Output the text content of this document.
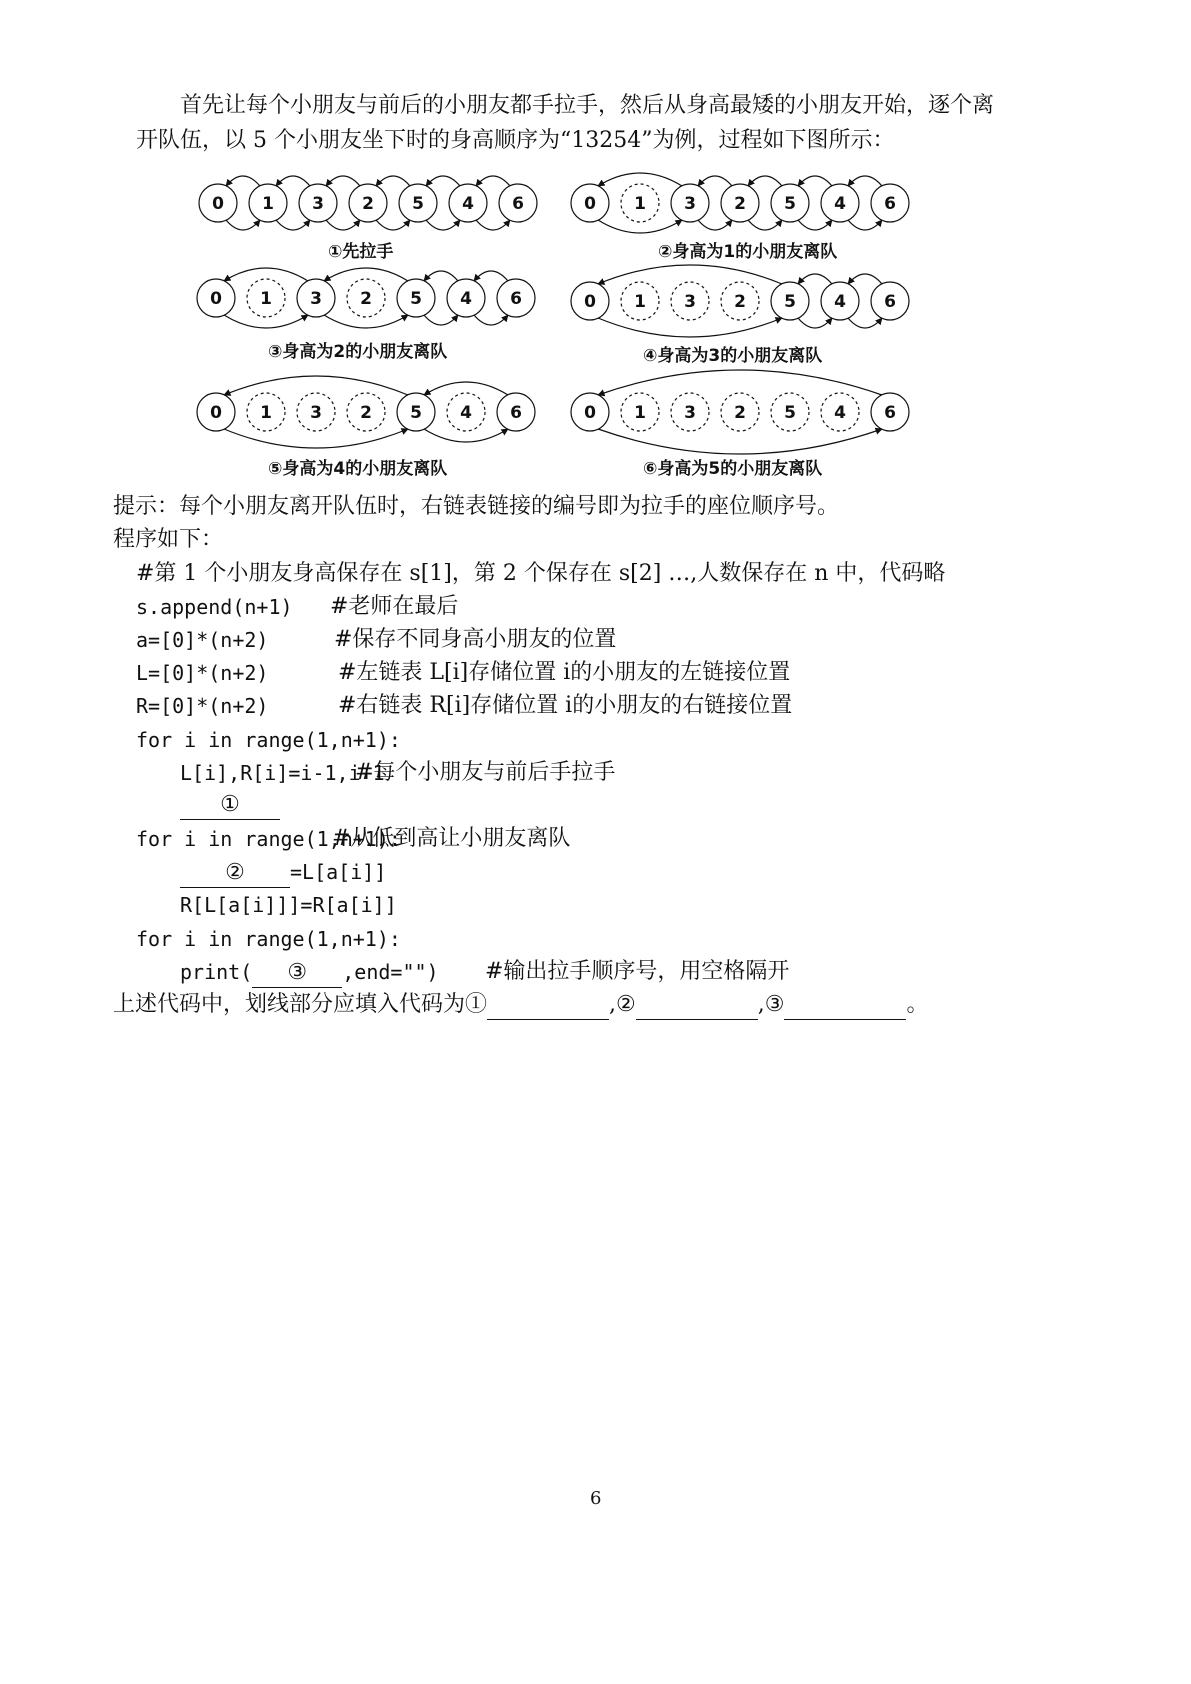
首先让每个小朋友与前后的小朋友都手拉手，然后从身高最矮的小朋友开始，逐个离
开队伍，以 5 个小朋友坐下时的身高顺序为“13254”为例，过程如下图所示：
0 1 3 2 5 4 6	0 1 3 2 5 4 6
0 1 3 2 5 4 6	0 1 3 2 5 4 6
0 1 3 2 5 4 6	0 1 3 2 5 4 6
①先拉手	②身高为1的小朋友离队
③身高为2的小朋友离队	④身高为3的小朋友离队
⑤身高为4的小朋友离队	⑥身高为5的小朋友离队
提示：每个小朋友离开队伍时，右链表链接的编号即为拉手的座位顺序号。
程序如下：
#第 1 个小朋友身高保存在 s[1]，第 2 个保存在 s[2] …,人数保存在 n 中，代码略
s.append(n+1) #老师在最后
a=[0]*(n+2)	#保存不同身高小朋友的位置
L=[0]*(n+2)	#左链表 L[i]存储位置 i的小朋友的左链接位置
R=[0]*(n+2)	#右链表 R[i]存储位置 i的小朋友的右链接位置
for i in range(1,n+1):
L[i],R[i]=i-1,i+1
#每个小朋友与前后手拉手
①
for i in range(1,n+1):
#从低到高让小朋友离队
② =L[a[i]]
R[L[a[i]]]=R[a[i]]
for i in range(1,n+1):
print( ③ ,end="") #输出拉手顺序号，用空格隔开
上述代码中，划线部分应填入代码为①	,②	,③	。
6
